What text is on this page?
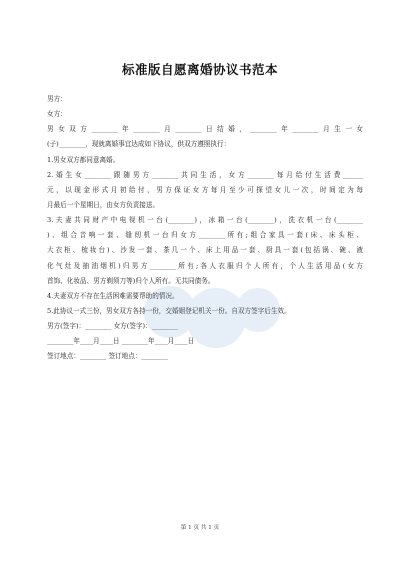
标准版自愿离婚协议书范本
男方：
女方：
男女双方________年________月________日结婚，________年________月生一女
(子)________，现就离婚事宜达成如下协议，供双方遵照执行：
1.男女双方都同意离婚。
2.婚生女________跟随男方________共同生活，女方________每月给付生活费______
元，以现金形式月初给付，男方保证女方每月至少可探望女儿一次，时间定为每
月最后一个星期日，由女方负责接送。
3.夫妻共同财产中电视机一台(________)，冰箱一台(________)，洗衣机一台(________
)、组合音响一套、缝纫机一台归女方________所有;组合家具一套(床、床头柜、
大衣柜、梳妆台)、沙发一套、茶几一个、床上用品一套、厨具一套(包括锅、碗、液
化气灶及抽油烟机)归男方________所有;各人衣服归个人所有，个人生活用品(女方
首饰、化妆品、男方剃须刀等)归个人所有。无共同债务。
4.夫妻双方不存在生活困难需要帮助的情况。
5.此协议一式三份，男女双方各持一份，交婚姻登记机关一份。自双方签字后生效。
男方(签字)：________ 女方(签字)：________
________年____月____日 ________年____月____日
签订地点：________ 签订地点：________
第 1 页 共 1 页
